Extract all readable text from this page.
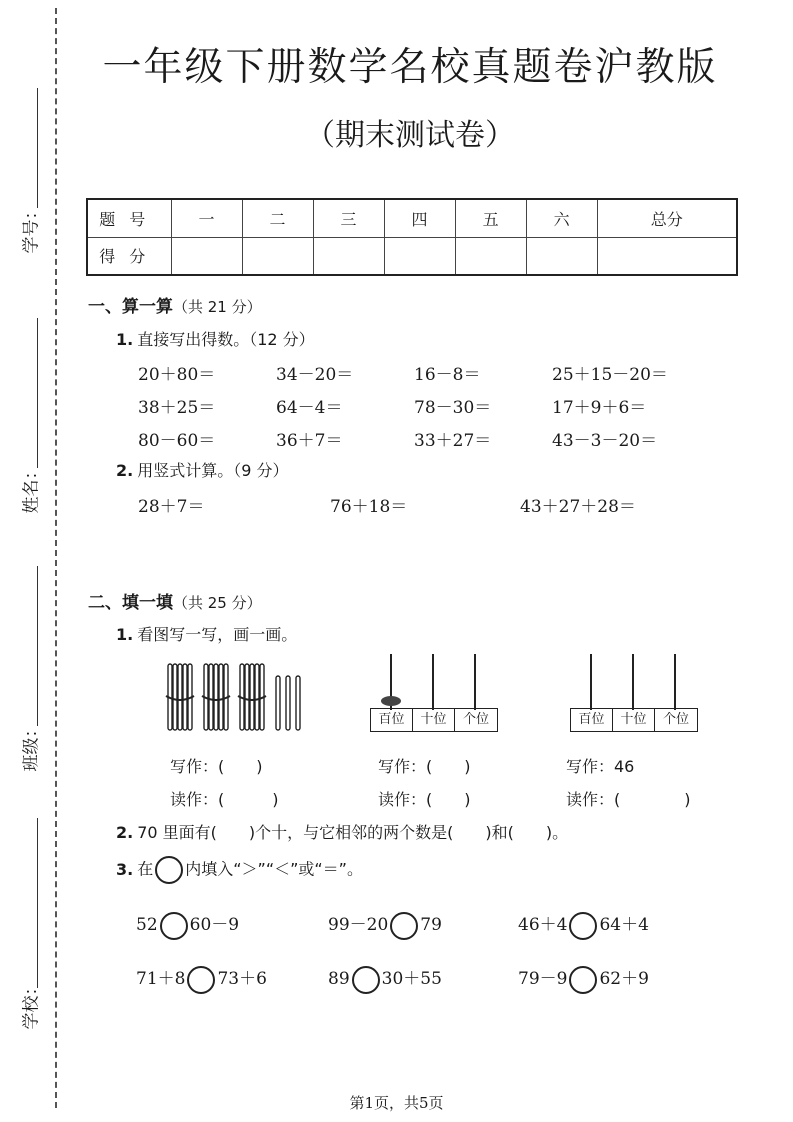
学号：
姓名：
班级：
学校：
一年级下册数学名校真题卷沪教版
（期末测试卷）
题号	一	二	三	四	五	六	总分
得分							
一、算一算（共 21 分）
1. 直接写出得数。（12 分）
20＋80＝	34－20＝	16－8＝	25＋15－20＝
38＋25＝	64－4＝	78－30＝	17＋9＋6＝
80－60＝	36＋7＝	33＋27＝	43－3－20＝
2. 用竖式计算。（9 分）
28＋7＝	76＋18＝	43＋27＋28＝
二、填一填（共 25 分）
1. 看图写一写，画一画。
百位	十位	个位	百位	十位	个位
写作：(　　)
读作：(　　　)
写作：(　　)
读作：(　　)
写作：46
读作：(　　　　)
2. 70 里面有(　　)个十，与它相邻的两个数是(　　)和(　　)。
3. 在 内填入“＞”“＜”或“＝”。
52 60－9	99－20 79	46＋4 64＋4
71＋8 73＋6	89 30＋55	79－9 62＋9
第1页，共5页
